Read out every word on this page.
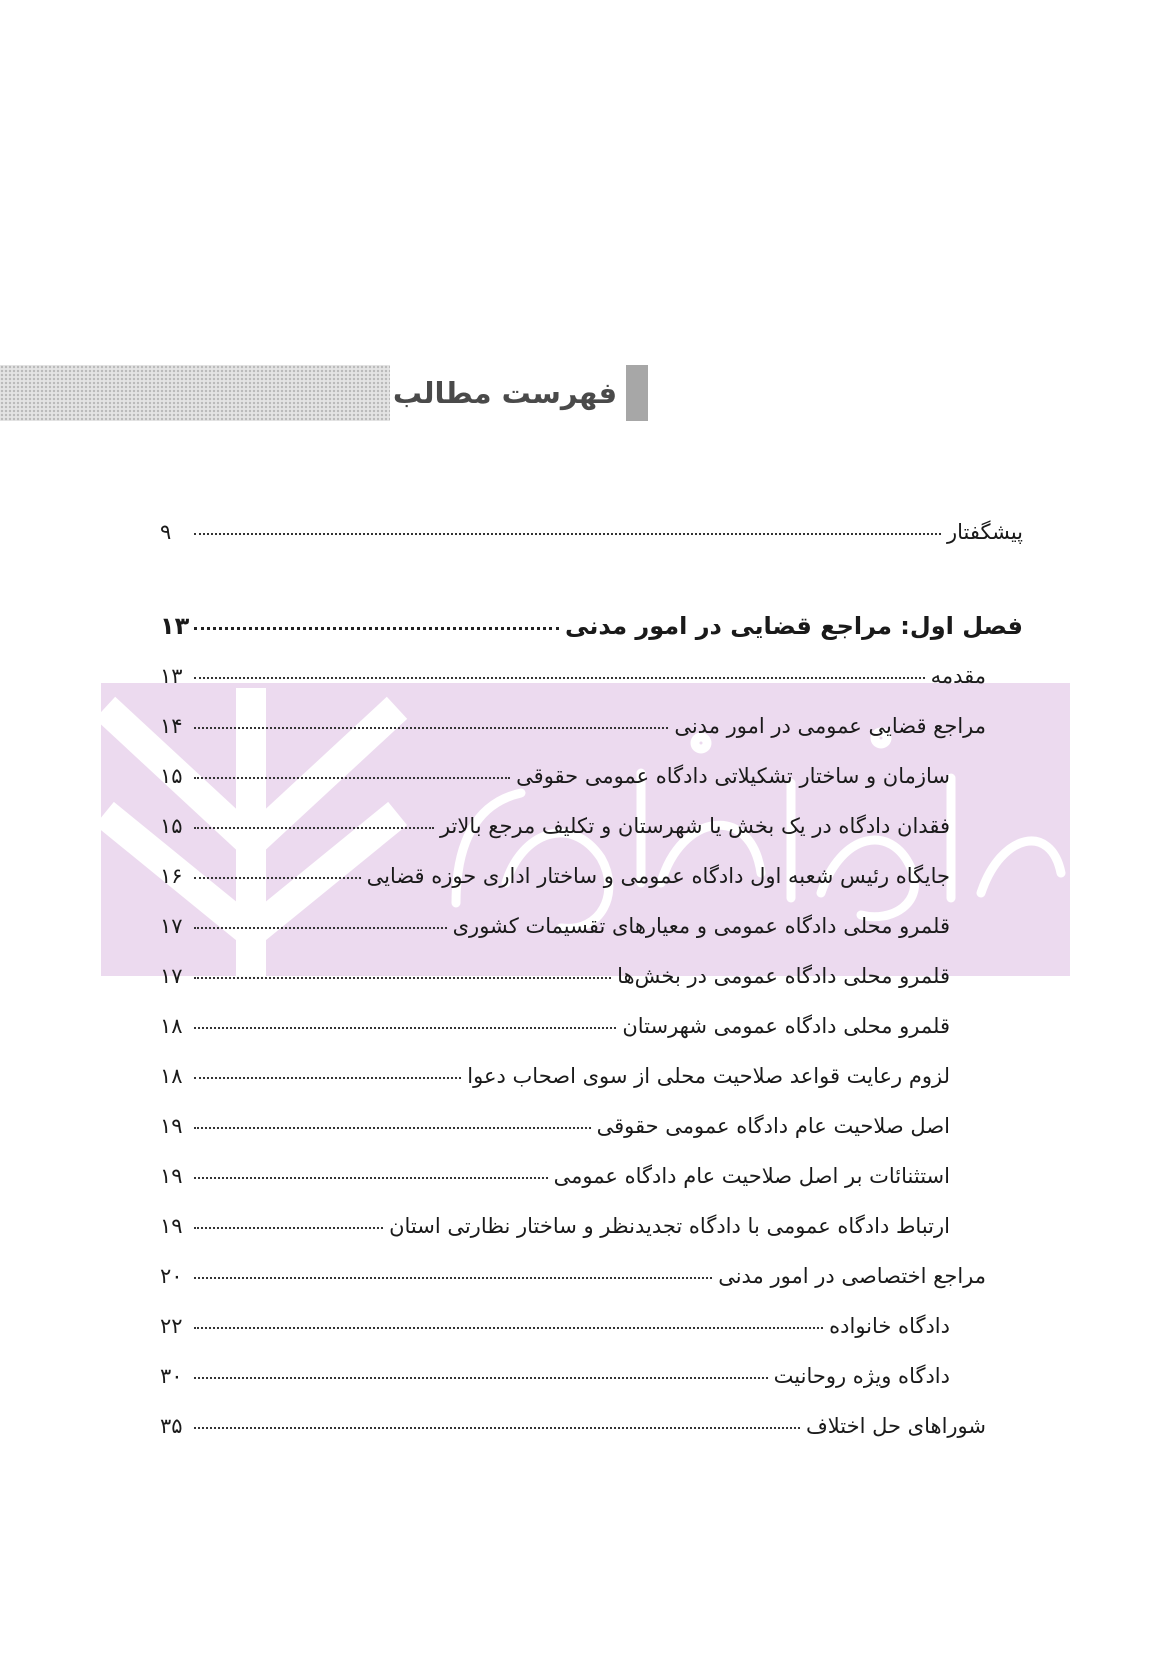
فهرست مطالب
پیشگفتار
۹
فصل اول: مراجع قضایی در امور مدنی
۱۳
مقدمه
۱۳
مراجع قضایی عمومی در امور مدنی
۱۴
سازمان و ساختار تشکیلاتی دادگاه عمومی حقوقی
۱۵
فقدان دادگاه در یک بخش یا شهرستان و تکلیف مرجع بالاتر
۱۵
جایگاه رئیس شعبه اول دادگاه عمومی و ساختار اداری حوزه قضایی
۱۶
قلمرو محلی دادگاه عمومی و معیارهای تقسیمات کشوری
۱۷
قلمرو محلی دادگاه عمومی در بخش‌ها
۱۷
قلمرو محلی دادگاه عمومی شهرستان
۱۸
لزوم رعایت قواعد صلاحیت محلی از سوی اصحاب دعوا
۱۸
اصل صلاحیت عام دادگاه عمومی حقوقی
۱۹
استثنائات بر اصل صلاحیت عام دادگاه عمومی
۱۹
ارتباط دادگاه عمومی با دادگاه تجدیدنظر و ساختار نظارتی استان
۱۹
مراجع اختصاصی در امور مدنی
۲۰
دادگاه خانواده
۲۲
دادگاه ویژه روحانیت
۳۰
شوراهای حل اختلاف
۳۵
